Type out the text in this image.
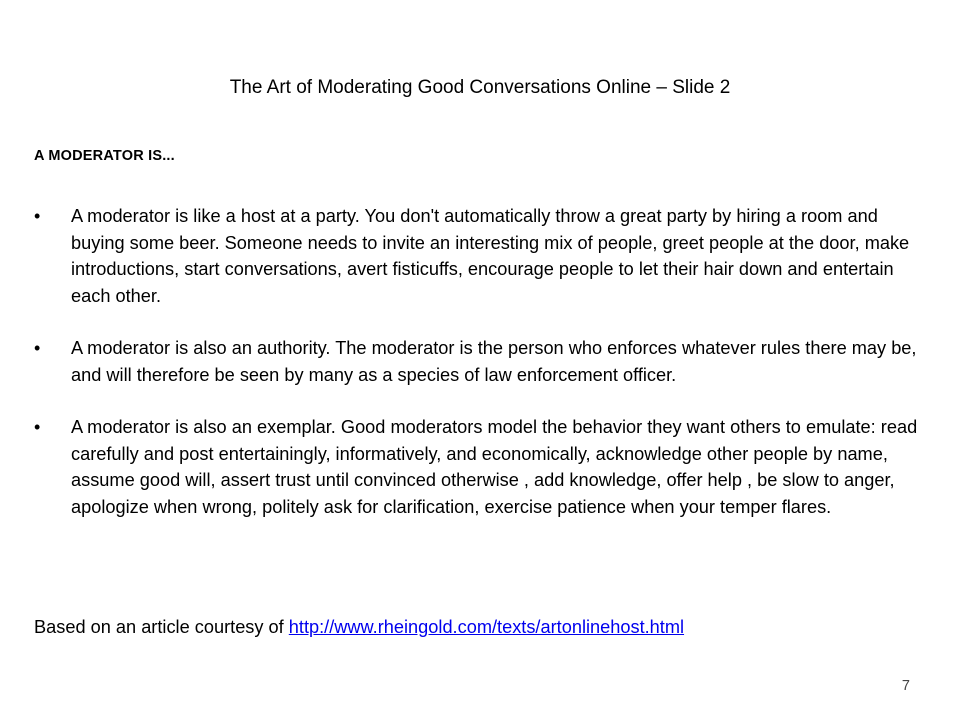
The Art of Moderating Good Conversations Online – Slide 2
A MODERATOR IS...
•	A moderator is like a host at a party. You don't automatically throw a great party by hiring a room and buying some beer. Someone needs to invite an interesting mix of people, greet people at the door, make introductions, start conversations, avert fisticuffs, encourage people to let their hair down and entertain each other.
•	A moderator is also an authority. The moderator is the person who enforces whatever rules there may be, and will therefore be seen by many as a species of law enforcement officer.
•	A moderator is also an exemplar. Good moderators model the behavior they want others to emulate: read carefully and post entertainingly, informatively, and economically, acknowledge other people by name, assume good will, assert trust until convinced otherwise , add knowledge, offer help , be slow to anger, apologize when wrong, politely ask for clarification, exercise patience when your temper flares.
Based on an article courtesy of http://www.rheingold.com/texts/artonlinehost.html
7
